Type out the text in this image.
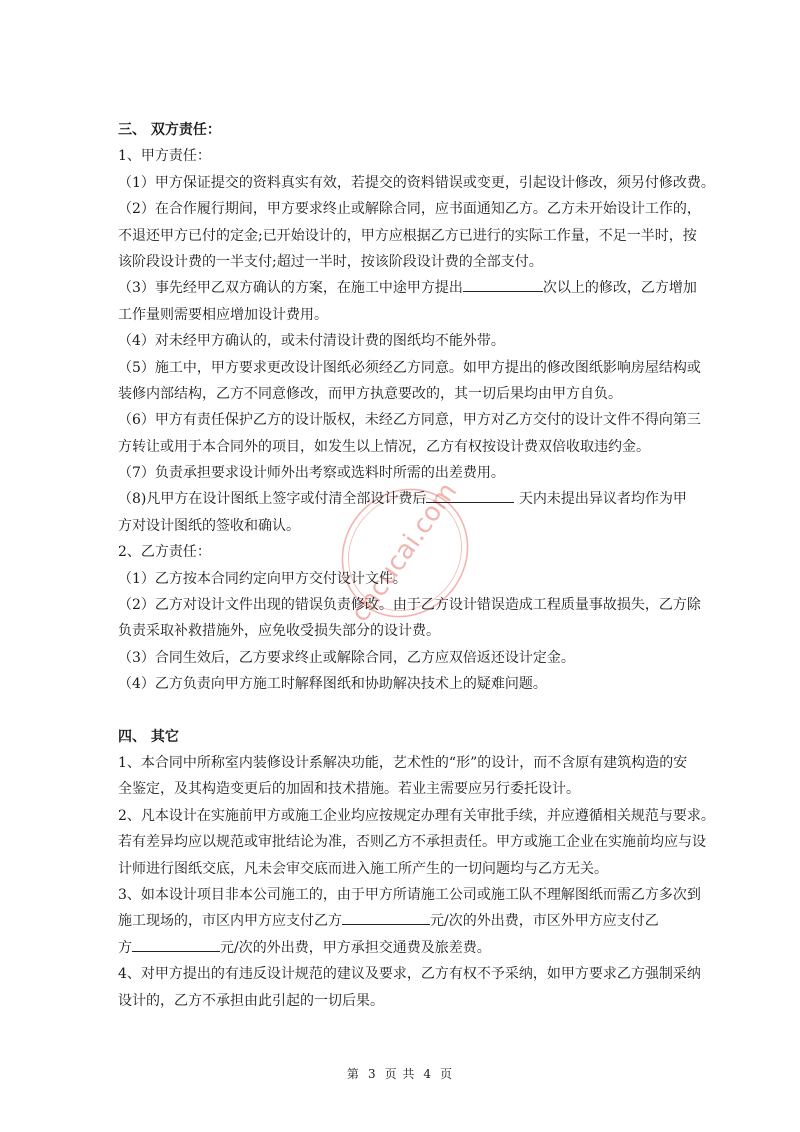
cncucai.com
三、 双方责任：
1、甲方责任：
（1）甲方保证提交的资料真实有效，若提交的资料错误或变更，引起设计修改，须另付修改费。
（2）在合作履行期间，甲方要求终止或解除合同，应书面通知乙方。乙方未开始设计工作的，
不退还甲方已付的定金;已开始设计的，甲方应根据乙方已进行的实际工作量，不足一半时，按
该阶段设计费的一半支付;超过一半时，按该阶段设计费的全部支付。
（3）事先经甲乙双方确认的方案，在施工中途甲方提出	次以上的修改，乙方增加
工作量则需要相应增加设计费用。
（4）对未经甲方确认的，或未付清设计费的图纸均不能外带。
（5）施工中，甲方要求更改设计图纸必须经乙方同意。如甲方提出的修改图纸影响房屋结构或
装修内部结构，乙方不同意修改，而甲方执意要改的，其一切后果均由甲方自负。
（6）甲方有责任保护乙方的设计版权，未经乙方同意，甲方对乙方交付的设计文件不得向第三
方转让或用于本合同外的项目，如发生以上情况，乙方有权按设计费双倍收取违约金。
（7）负责承担要求设计师外出考察或选料时所需的出差费用。
（8)凡甲方在设计图纸上签字或付清全部设计费后	天内未提出异议者均作为甲
方对设计图纸的签收和确认。
2、乙方责任：
（1）乙方按本合同约定向甲方交付设计文件。
（2）乙方对设计文件出现的错误负责修改。由于乙方设计错误造成工程质量事故损失，乙方除
负责采取补救措施外，应免收受损失部分的设计费。
（3）合同生效后，乙方要求终止或解除合同，乙方应双倍返还设计定金。
（4）乙方负责向甲方施工时解释图纸和协助解决技术上的疑难问题。
四、 其它
1、本合同中所称室内装修设计系解决功能，艺术性的“形”的设计，而不含原有建筑构造的安
全鉴定，及其构造变更后的加固和技术措施。若业主需要应另行委托设计。
2、凡本设计在实施前甲方或施工企业均应按规定办理有关审批手续，并应遵循相关规范与要求。
若有差异均应以规范或审批结论为准，否则乙方不承担责任。甲方或施工企业在实施前均应与设
计师进行图纸交底，凡未会审交底而进入施工所产生的一切问题均与乙方无关。
3、如本设计项目非本公司施工的，由于甲方所请施工公司或施工队不理解图纸而需乙方多次到
施工现场的，市区内甲方应支付乙方	元/次的外出费，市区外甲方应支付乙
方	元/次的外出费，甲方承担交通费及旅差费。
4、对甲方提出的有违反设计规范的建议及要求，乙方有权不予采纳，如甲方要求乙方强制采纳
设计的，乙方不承担由此引起的一切后果。
第 3 页 共 4 页
